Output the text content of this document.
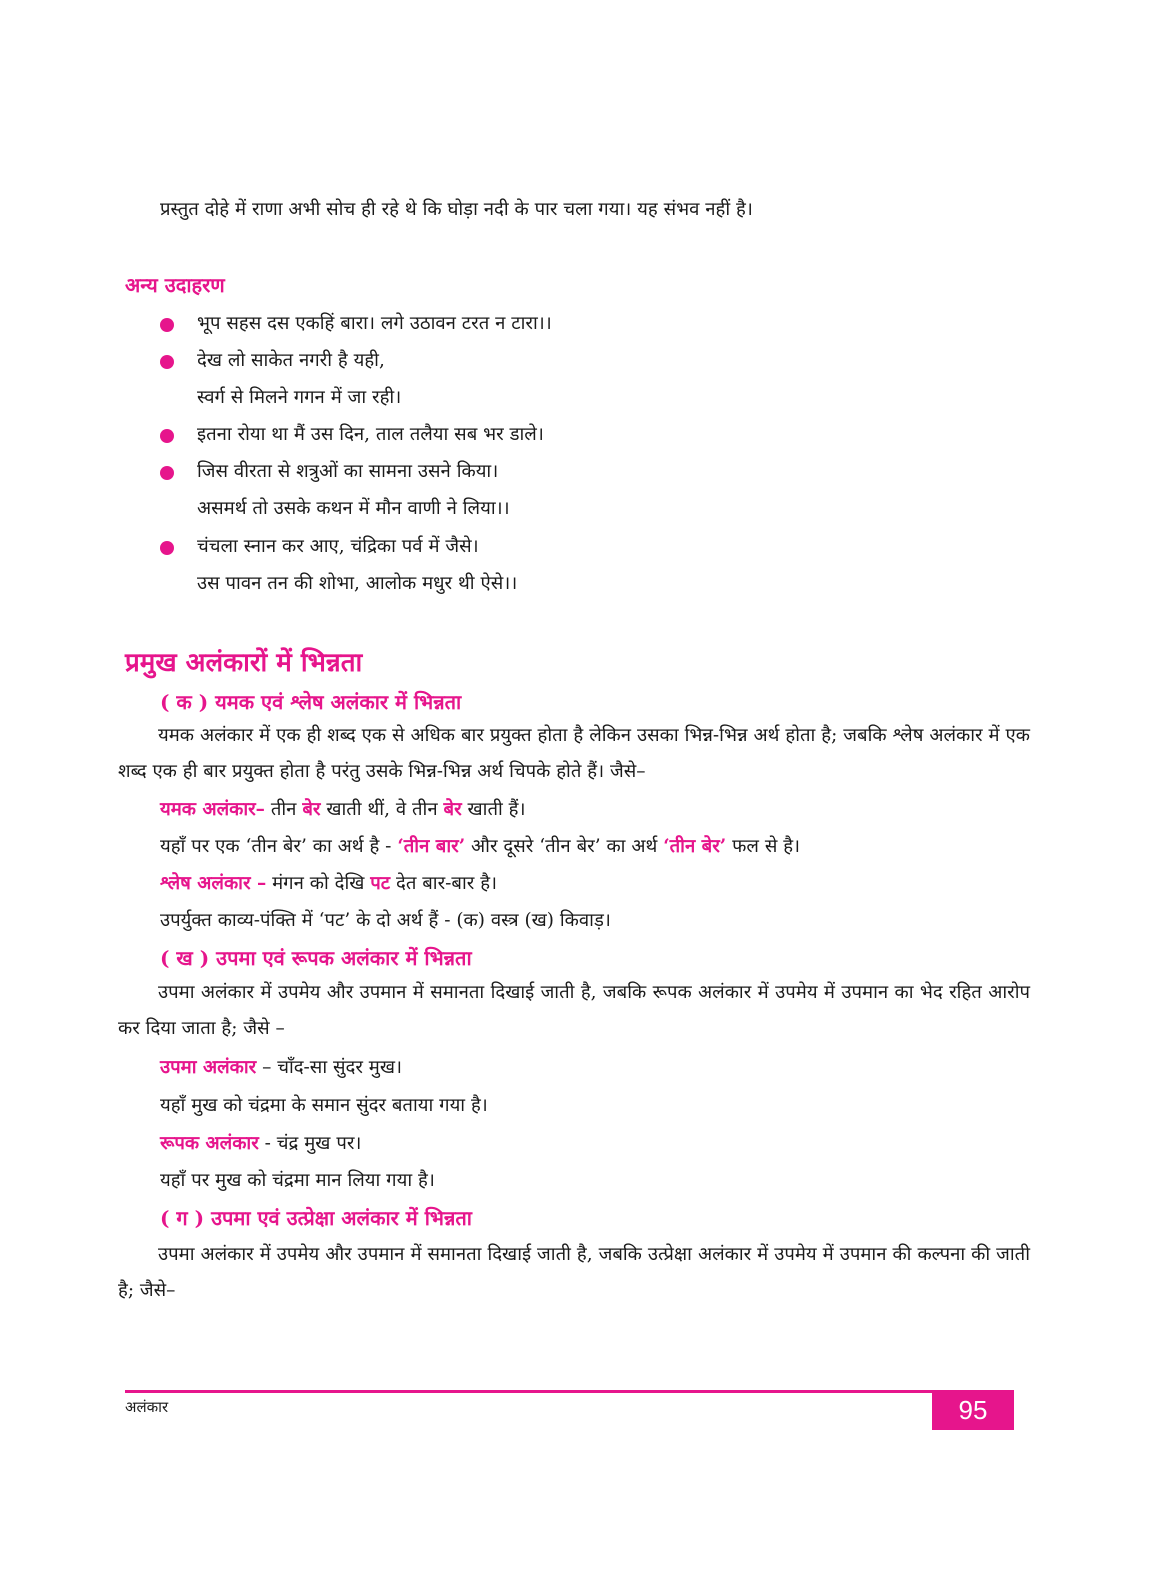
प्रस्तुत दोहे में राणा अभी सोच ही रहे थे कि घोड़ा नदी के पार चला गया। यह संभव नहीं है।
अन्य उदाहरण
भूप सहस दस एकहिं बारा। लगे उठावन टरत न टारा।।
देख लो साकेत नगरी है यही,
स्वर्ग से मिलने गगन में जा रही।
इतना रोया था मैं उस दिन, ताल तलैया सब भर डाले।
जिस वीरता से शत्रुओं का सामना उसने किया।
असमर्थ तो उसके कथन में मौन वाणी ने लिया।।
चंचला स्नान कर आए, चंद्रिका पर्व में जैसे।
उस पावन तन की शोभा, आलोक मधुर थी ऐसे।।
प्रमुख अलंकारों में भिन्नता
( क ) यमक एवं श्लेष अलंकार में भिन्नता
यमक अलंकार में एक ही शब्द एक से अधिक बार प्रयुक्त होता है लेकिन उसका भिन्न-भिन्न अर्थ होता है; जबकि श्लेष अलंकार में एक शब्द एक ही बार प्रयुक्त होता है परंतु उसके भिन्न-भिन्न अर्थ चिपके होते हैं। जैसे–
यमक अलंकार– तीन बेर खाती थीं, वे तीन बेर खाती हैं।
यहाँ पर एक ‘तीन बेर’ का अर्थ है - ‘तीन बार’ और दूसरे ‘तीन बेर’ का अर्थ ‘तीन बेर’ फल से है।
श्लेष अलंकार – मंगन को देखि पट देत बार-बार है।
उपर्युक्त काव्य-पंक्ति में ‘पट’ के दो अर्थ हैं - (क) वस्त्र (ख) किवाड़।
( ख ) उपमा एवं रूपक अलंकार में भिन्नता
उपमा अलंकार में उपमेय और उपमान में समानता दिखाई जाती है, जबकि रूपक अलंकार में उपमेय में उपमान का भेद रहित आरोप कर दिया जाता है; जैसे –
उपमा अलंकार – चाँद-सा सुंदर मुख।
यहाँ मुख को चंद्रमा के समान सुंदर बताया गया है।
रूपक अलंकार - चंद्र मुख पर।
यहाँ पर मुख को चंद्रमा मान लिया गया है।
( ग ) उपमा एवं उत्प्रेक्षा अलंकार में भिन्नता
उपमा अलंकार में उपमेय और उपमान में समानता दिखाई जाती है, जबकि उत्प्रेक्षा अलंकार में उपमेय में उपमान की कल्पना की जाती है; जैसे–
अलंकार	95
